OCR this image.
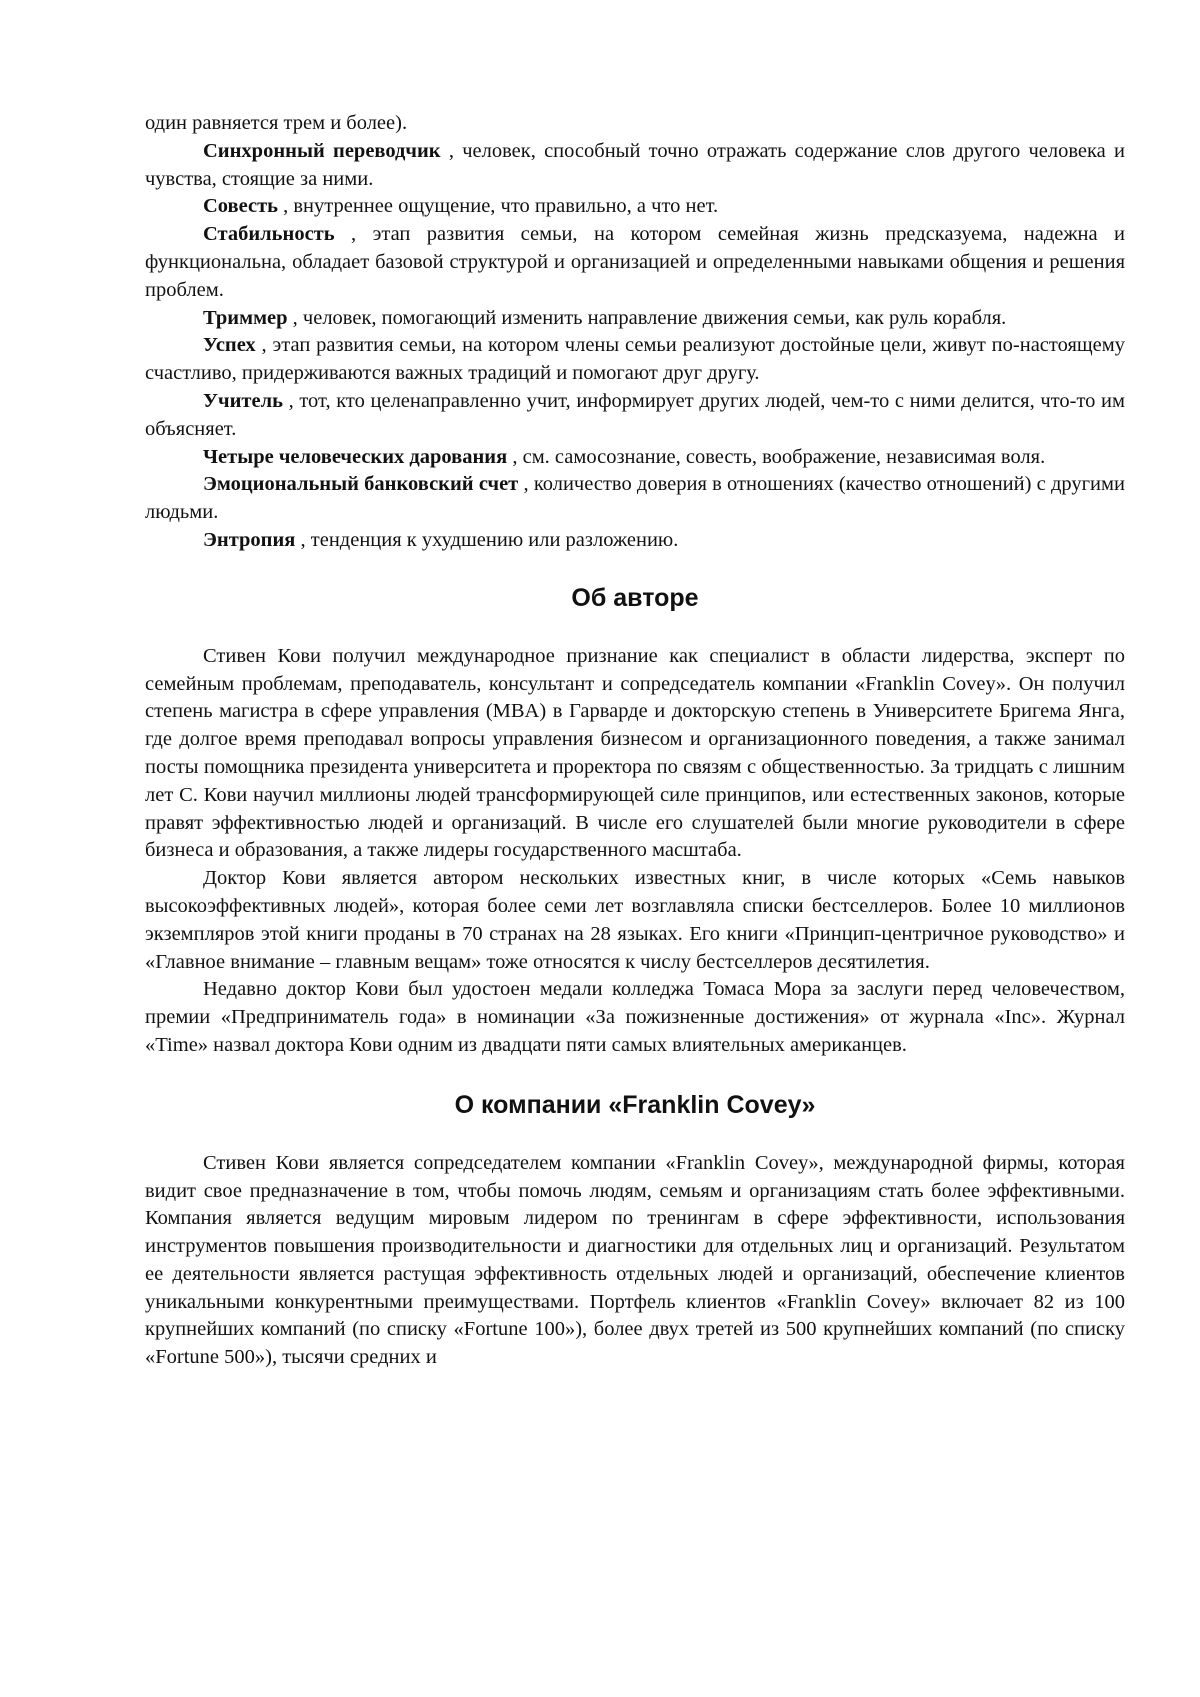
один равняется трем и более).

Синхронный переводчик , человек, способный точно отражать содержание слов другого человека и чувства, стоящие за ними.

Совесть , внутреннее ощущение, что правильно, а что нет.

Стабильность , этап развития семьи, на котором семейная жизнь предсказуема, надежна и функциональна, обладает базовой структурой и организацией и определенными навыками общения и решения проблем.

Триммер , человек, помогающий изменить направление движения семьи, как руль корабля.

Успех , этап развития семьи, на котором члены семьи реализуют достойные цели, живут по-настоящему счастливо, придерживаются важных традиций и помогают друг другу.

Учитель , тот, кто целенаправленно учит, информирует других людей, чем-то с ними делится, что-то им объясняет.

Четыре человеческих дарования , см. самосознание, совесть, воображение, независимая воля.

Эмоциональный банковский счет , количество доверия в отношениях (качество отношений) с другими людьми.

Энтропия , тенденция к ухудшению или разложению.

Об авторе

Стивен Кови получил международное признание как специалист в области лидерства, эксперт по семейным проблемам, преподаватель, консультант и сопредседатель компании «Franklin Covey». Он получил степень магистра в сфере управления (MBA) в Гарварде и докторскую степень в Университете Бригема Янга, где долгое время преподавал вопросы управления бизнесом и организационного поведения, а также занимал посты помощника президента университета и проректора по связям с общественностью. За тридцать с лишним лет С. Кови научил миллионы людей трансформирующей силе принципов, или естественных законов, которые правят эффективностью людей и организаций. В числе его слушателей были многие руководители в сфере бизнеса и образования, а также лидеры государственного масштаба.

Доктор Кови является автором нескольких известных книг, в числе которых «Семь навыков высокоэффективных людей», которая более семи лет возглавляла списки бестселлеров. Более 10 миллионов экземпляров этой книги проданы в 70 странах на 28 языках. Его книги «Принцип-центричное руководство» и «Главное внимание – главным вещам» тоже относятся к числу бестселлеров десятилетия.

Недавно доктор Кови был удостоен медали колледжа Томаса Мора за заслуги перед человечеством, премии «Предприниматель года» в номинации «За пожизненные достижения» от журнала «Inc». Журнал «Time» назвал доктора Кови одним из двадцати пяти самых влиятельных американцев.

О компании «Franklin Covey»

Стивен Кови является сопредседателем компании «Franklin Covey», международной фирмы, которая видит свое предназначение в том, чтобы помочь людям, семьям и организациям стать более эффективными. Компания является ведущим мировым лидером по тренингам в сфере эффективности, использования инструментов повышения производительности и диагностики для отдельных лиц и организаций. Результатом ее деятельности является растущая эффективность отдельных людей и организаций, обеспечение клиентов уникальными конкурентными преимуществами. Портфель клиентов «Franklin Covey» включает 82 из 100 крупнейших компаний (по списку «Fortune 100»), более двух третей из 500 крупнейших компаний (по списку «Fortune 500»), тысячи средних и
